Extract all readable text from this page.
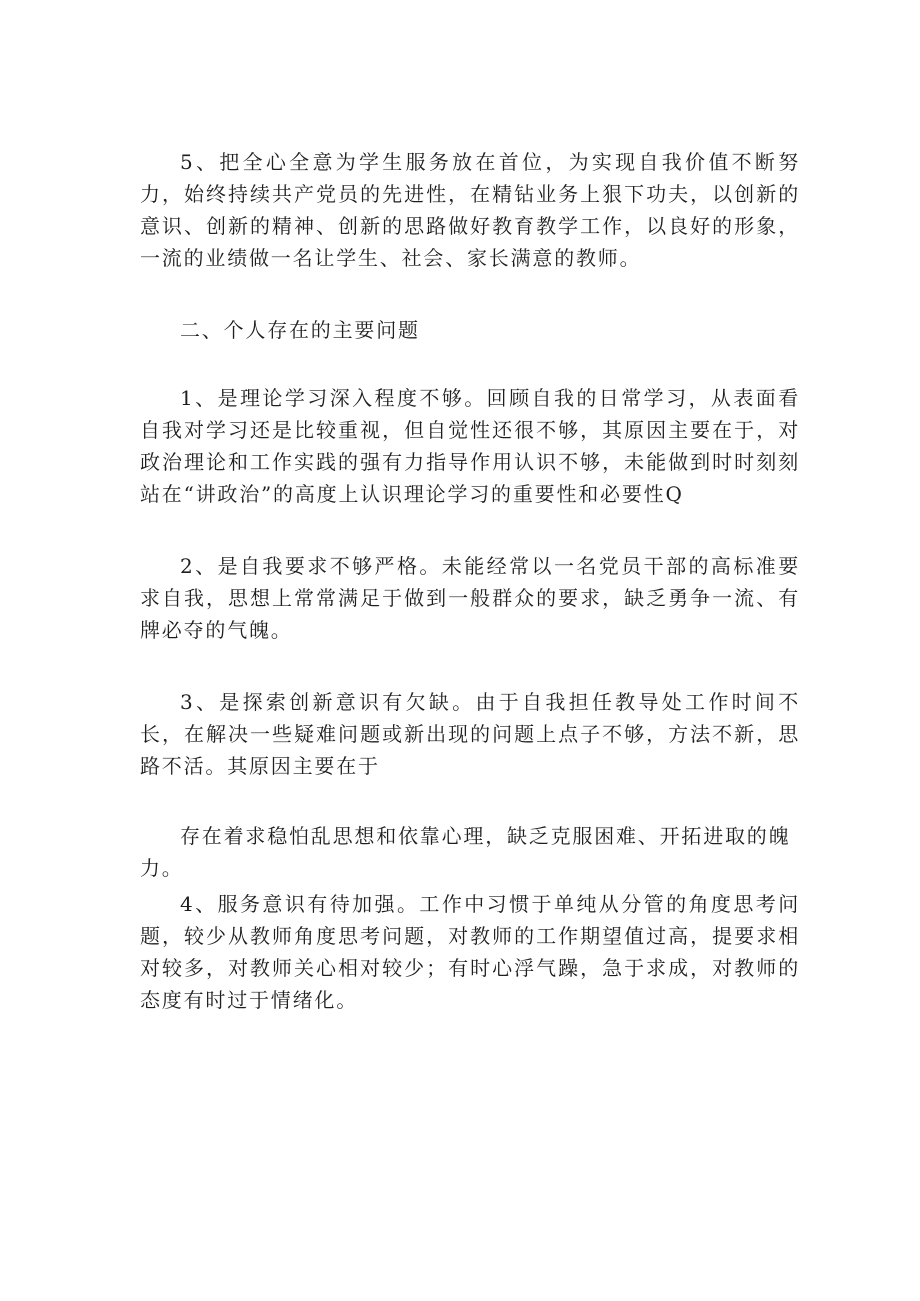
5、把全心全意为学生服务放在首位，为实现自我价值不断努力，始终持续共产党员的先进性，在精钻业务上狠下功夫，以创新的意识、创新的精神、创新的思路做好教育教学工作，以良好的形象，一流的业绩做一名让学生、社会、家长满意的教师。

二、个人存在的主要问题

1、是理论学习深入程度不够。回顾自我的日常学习，从表面看自我对学习还是比较重视，但自觉性还很不够，其原因主要在于，对政治理论和工作实践的强有力指导作用认识不够，未能做到时时刻刻站在“讲政治”的高度上认识理论学习的重要性和必要性Q

2、是自我要求不够严格。未能经常以一名党员干部的高标准要求自我，思想上常常满足于做到一般群众的要求，缺乏勇争一流、有牌必夺的气魄。

3、是探索创新意识有欠缺。由于自我担任教导处工作时间不长，在解决一些疑难问题或新出现的问题上点子不够，方法不新，思路不活。其原因主要在于

存在着求稳怕乱思想和依靠心理，缺乏克服困难、开拓进取的魄力。

4、服务意识有待加强。工作中习惯于单纯从分管的角度思考问题，较少从教师角度思考问题，对教师的工作期望值过高，提要求相对较多，对教师关心相对较少；有时心浮气躁，急于求成，对教师的态度有时过于情绪化。
